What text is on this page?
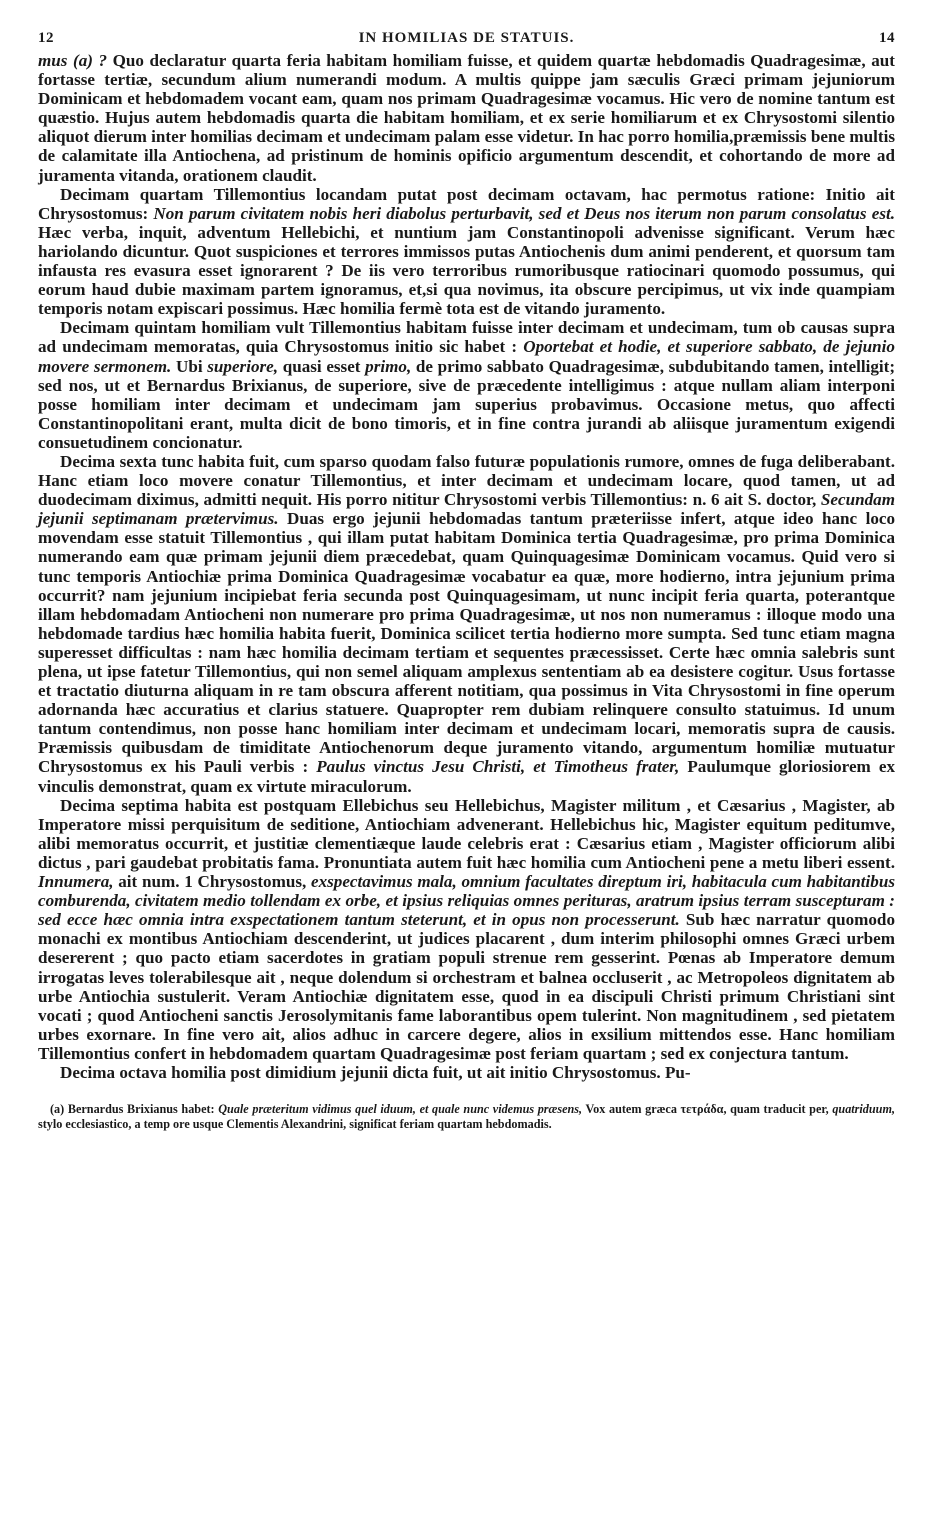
12	IN HOMILIAS DE STATUIS.	14

mus (a) ? Quo declaratur quarta feria habitam homiliam fuisse, et quidem quartæ hebdomadis Quadragesimæ, aut fortasse tertiæ, secundum alium numerandi modum. A multis quippe jam sæculis Græci primam jejuniorum Dominicam et hebdomadem vocant eam, quam nos primam Quadragesimæ vocamus. Hic vero de nomine tantum est quæstio. Hujus autem hebdomadis quarta die habitam homiliam, et ex serie homiliarum et ex Chrysostomi silentio aliquot dierum inter homilias decimam et undecimam palam esse videtur. In hac porro homilia,præmissis bene multis de calamitate illa Antiochena, ad pristinum de hominis opificio argumentum descendit, et cohortando de more ad juramenta vitanda, orationem claudit.

Decimam quartam Tillemontius locandam putat post decimam octavam, hac permotus ratione: Initio ait Chrysostomus: Non parum civitatem nobis heri diabolus perturbavit, sed et Deus nos iterum non parum consolatus est. Hæc verba, inquit, adventum Hellebichi, et nuntium jam Constantinopoli advenisse significant. Verum hæc hariolando dicuntur. Quot suspiciones et terrores immissos putas Antiochenis dum animi penderent, et quorsum tam infausta res evasura esset ignorarent ? De iis vero terroribus rumoribusque ratiocinari quomodo possumus, qui eorum haud dubie maximam partem ignoramus, et,si qua novimus, ita obscure percipimus, ut vix inde quampiam temporis notam expiscari possimus. Hæc homilia fermè tota est de vitando juramento.

Decimam quintam homiliam vult Tillemontius habitam fuisse inter decimam et undecimam, tum ob causas supra ad undecimam memoratas, quia Chrysostomus initio sic habet : Oportebat et hodie, et superiore sabbato, de jejunio movere sermonem. Ubi superiore, quasi esset primo, de primo sabbato Quadragesimæ, subdubitando tamen, intelligit; sed nos, ut et Bernardus Brixianus, de superiore, sive de præcedente intelligimus : atque nullam aliam interponi posse homiliam inter decimam et undecimam jam superius probavimus. Occasione metus, quo affecti Constantinopolitani erant, multa dicit de bono timoris, et in fine contra jurandi ab aliisque juramentum exigendi consuetudinem concionatur.

Decima sexta tunc habita fuit, cum sparso quodam falso futuræ populationis rumore, omnes de fuga deliberabant. Hanc etiam loco movere conatur Tillemontius, et inter decimam et undecimam locare, quod tamen, ut ad duodecimam diximus, admitti nequit. His porro nititur Chrysostomi verbis Tillemontius: n. 6 ait S. doctor, Secundam jejunii septimanam prætervimus. Duas ergo jejunii hebdomadas tantum præteriisse infert, atque ideo hanc loco movendam esse statuit Tillemontius , qui illam putat habitam Dominica tertia Quadragesimæ, pro prima Dominica numerando eam quæ primam jejunii diem præcedebat, quam Quinquagesimæ Dominicam vocamus. Quid vero si tunc temporis Antiochiæ prima Dominica Quadragesimæ vocabatur ea quæ, more hodierno, intra jejunium prima occurrit? nam jejunium incipiebat feria secunda post Quinquagesimam, ut nunc incipit feria quarta, poterantque illam hebdomadam Antiocheni non numerare pro prima Quadragesimæ, ut nos non numeramus : illoque modo una hebdomade tardius hæc homilia habita fuerit, Dominica scilicet tertia hodierno more sumpta. Sed tunc etiam magna superesset difficultas : nam hæc homilia decimam tertiam et sequentes præcessisset. Certe hæc omnia salebris sunt plena, ut ipse fatetur Tillemontius, qui non semel aliquam amplexus sententiam ab ea desistere cogitur. Usus fortasse et tractatio diuturna aliquam in re tam obscura afferent notitiam, qua possimus in Vita Chrysostomi in fine operum adornanda hæc accuratius et clarius statuere. Quapropter rem dubiam relinquere consulto statuimus. Id unum tantum contendimus, non posse hanc homiliam inter decimam et undecimam locari, memoratis supra de causis. Præmissis quibusdam de timiditate Antiochenorum deque juramento vitando, argumentum homiliæ mutuatur Chrysostomus ex his Pauli verbis : Paulus vinctus Jesu Christi, et Timotheus frater, Paulumque gloriosiorem ex vinculis demonstrat, quam ex virtute miraculorum.

Decima septima habita est postquam Ellebichus seu Hellebichus, Magister militum , et Cæsarius , Magister, ab Imperatore missi perquisitum de seditione, Antiochiam advenerant. Hellebichus hic, Magister equitum peditumve, alibi memoratus occurrit, et justitiæ clementiæque laude celebris erat : Cæsarius etiam , Magister officiorum alibi dictus , pari gaudebat probitatis fama. Pronuntiata autem fuit hæc homilia cum Antiocheni pene a metu liberi essent. Innumera, ait num. 1 Chrysostomus, exspectavimus mala, omnium facultates direptum iri, habitacula cum habitantibus comburenda, civitatem medio tollendam ex orbe, et ipsius reliquias omnes perituras, aratrum ipsius terram suscepturam : sed ecce hæc omnia intra exspectationem tantum steterunt, et in opus non processerunt. Sub hæc narratur quomodo monachi ex montibus Antiochiam descenderint, ut judices placarent , dum interim philosophi omnes Græci urbem desererent ; quo pacto etiam sacerdotes in gratiam populi strenue rem gesserint. Pœnas ab Imperatore demum irrogatas leves tolerabilesque ait , neque dolendum si orchestram et balnea occluserit , ac Metropoleos dignitatem ab urbe Antiochia sustulerit. Veram Antiochiæ dignitatem esse, quod in ea discipuli Christi primum Christiani sint vocati ; quod Antiocheni sanctis Jerosolymitanis fame laborantibus opem tulerint. Non magnitudinem , sed pietatem urbes exornare. In fine vero ait, alios adhuc in carcere degere, alios in exsilium mittendos esse. Hanc homiliam Tillemontius confert in hebdomadem quartam Quadragesimæ post feriam quartam ; sed ex conjectura tantum.

Decima octava homilia post dimidium jejunii dicta fuit, ut ait initio Chrysostomus. Pu-

(a) Bernardus Brixianus habet: Quale præteritum vidimus quel iduum, et quale nunc videmus præsens, Vox autem græca τετράδα, quam traducit per, quatriduum, stylo ecclesiastico, a temp ore usque Clementis Alexandrini, significat feriam quartam hebdomadis.
